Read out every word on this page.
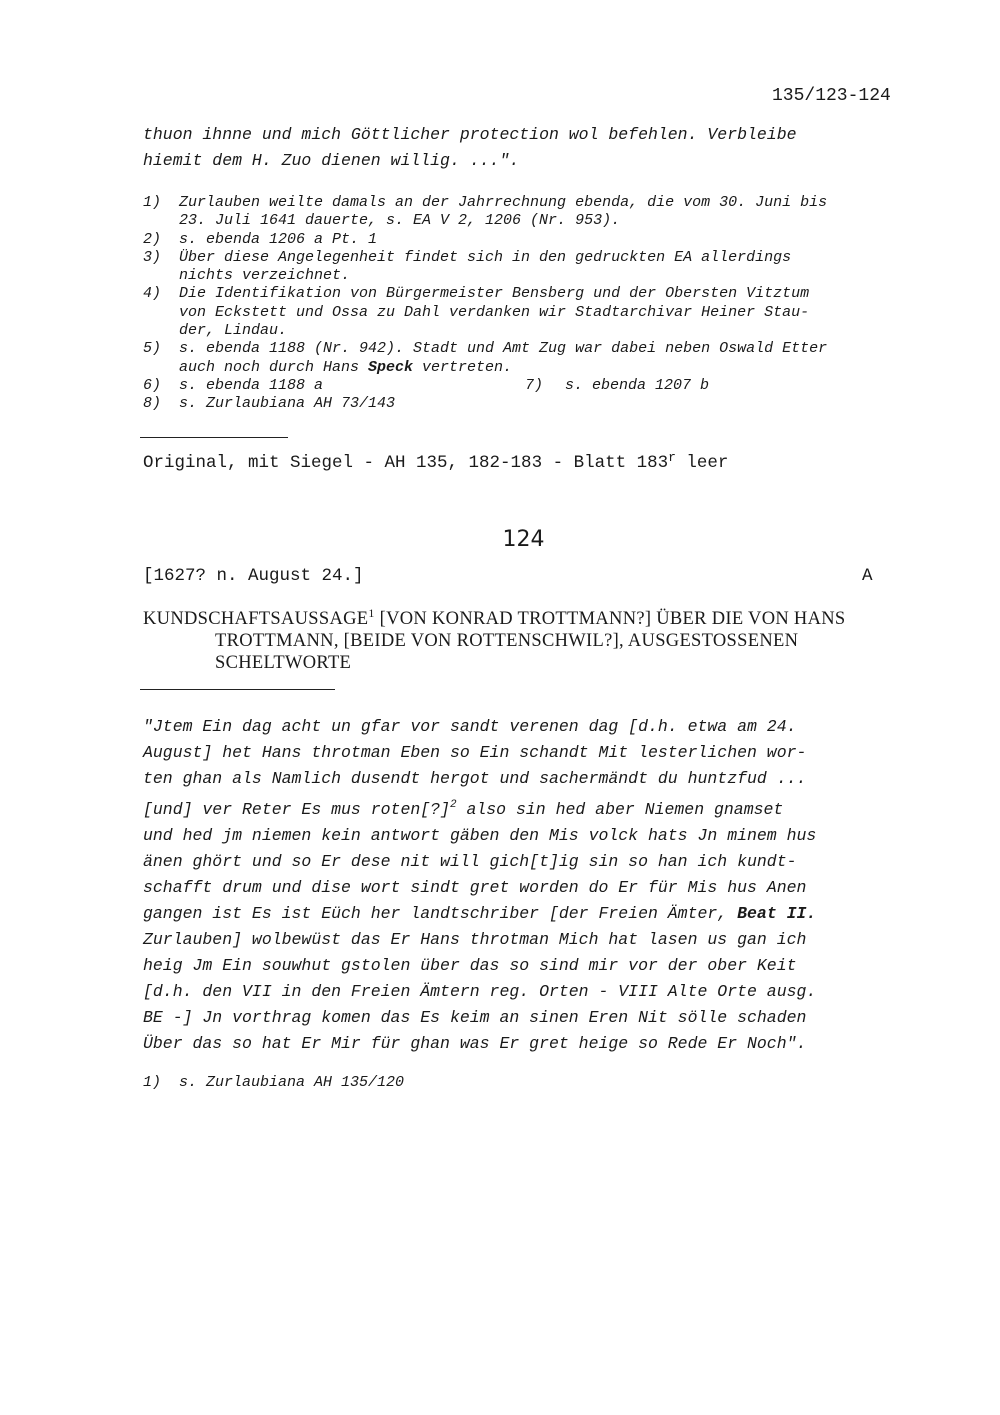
135/123-124
thuon ihnne und mich Göttlicher protection wol befehlen. Verbleibe
hiemit dem H. Zuo dienen willig. ...".
1)	Zurlauben weilte damals an der Jahrrechnung ebenda, die vom 30. Juni bis
23. Juli 1641 dauerte, s. EA V 2, 1206 (Nr. 953).
2)	s. ebenda 1206 a Pt. 1
3)	Über diese Angelegenheit findet sich in den gedruckten EA allerdings
nichts verzeichnet.
4)	Die Identifikation von Bürgermeister Bensberg und der Obersten Vitztum
von Eckstett und Ossa zu Dahl verdanken wir Stadtarchivar Heiner Stau-
der, Lindau.
5)	s. ebenda 1188 (Nr. 942). Stadt und Amt Zug war dabei neben Oswald Etter
auch noch durch Hans Speck vertreten.
6)	s. ebenda 1188 a	7)	s. ebenda 1207 b
8)	s. Zurlaubiana AH 73/143
Original, mit Siegel - AH 135, 182-183 - Blatt 183$^r$ leer
124
[1627? n. August 24.]	A
KUNDSCHAFTSAUSSAGE$^1$ [VON KONRAD TROTTMANN?] ÜBER DIE VON HANS
TROTTMANN, [BEIDE VON ROTTENSCHWIL?], AUSGESTOSSENEN
SCHELTWORTE
"Jtem Ein dag acht un gfar vor sandt verenen dag [d.h. etwa am 24.
August] het Hans throtman Eben so Ein schandt Mit lesterlichen wor-
ten ghan als Namlich dusendt hergot und sachermändt du huntzfud ...
[und] ver Reter Es mus roten[?]$^2$ also sin hed aber Niemen gnamset
und hed jm niemen kein antwort gäben den Mis volck hats Jn minem hus
änen ghört und so Er dese nit will gich[t]ig sin so han ich kundt-
schafft drum und dise wort sindt gret worden do Er für Mis hus Anen
gangen ist Es ist Eüch her landtschriber [der Freien Ämter, Beat II.
Zurlauben] wolbewüst das Er Hans throtman Mich hat lasen us gan ich
heig Jm Ein souwhut gstolen über das so sind mir vor der ober Keit
[d.h. den VII in den Freien Ämtern reg. Orten - VIII Alte Orte ausg.
BE -] Jn vorthrag komen das Es keim an sinen Eren Nit sölle schaden
Über das so hat Er Mir für ghan was Er gret heige so Rede Er Noch".
1)	s. Zurlaubiana AH 135/120
